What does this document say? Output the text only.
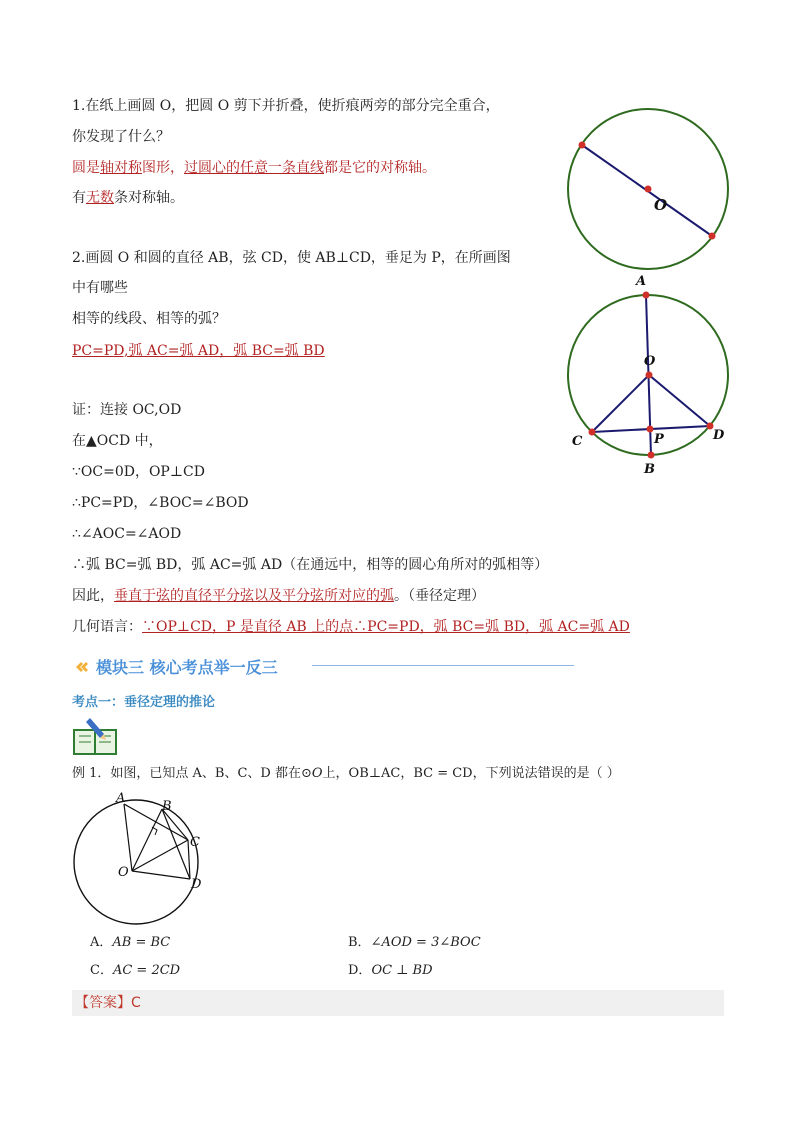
1.在纸上画圆 O，把圆 O 剪下并折叠，使折痕两旁的部分完全重合，
你发现了什么？
圆是轴对称图形，过圆心的任意一条直线都是它的对称轴。
有无数条对称轴。
2.画圆 O 和圆的直径 AB，弦 CD，使 AB⊥CD，垂足为 P，在所画图
中有哪些
相等的线段、相等的弧？
PC=PD,弧 AC=弧 AD，弧 BC=弧 BD
证：连接 OC,OD
在▲OCD 中，
∵OC=0D，OP⊥CD
∴PC=PD，∠BOC=∠BOD
∴∠AOC=∠AOD
∴弧 BC=弧 BD，弧 AC=弧 AD（在通远中，相等的圆心角所对的弧相等）
因此，垂直于弦的直径平分弦以及平分弦所对应的弧。（垂径定理）
几何语言：∵OP⊥CD，P 是直径 AB 上的点∴PC=PD，弧 BC=弧 BD，弧 AC=弧 AD
O
A
O
C	P	D
B
模块三 核心考点举一反三
考点一：垂径定理的推论
例 1．如图，已知点 A、B、C、D 都在⊙O上，OB⊥AC，BC = CD，下列说法错误的是（ ）
A
B
C
D
O
A．AB = BC	B．∠AOD = 3∠BOC
C．AC = 2CD	D．OC ⊥ BD
【答案】C
